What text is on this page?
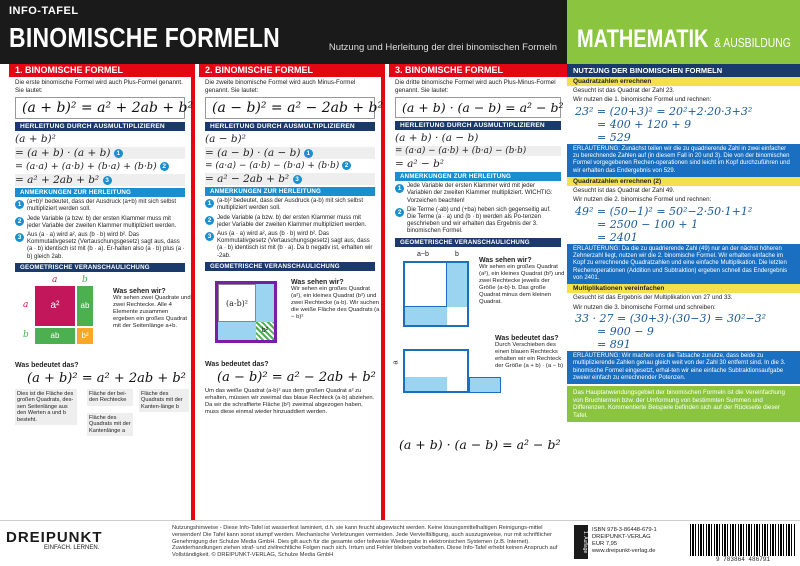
INFO-TAFEL
BINOMISCHE FORMELN	Nutzung und Herleitung der drei binomischen Formeln MATHEMATIK & AUSBILDUNG
1. BINOMISCHE FORMEL
Die erste binomische Formel wird auch Plus-Formel genannt. Sie lautet:
(a + b)² = a² + 2ab + b²
HERLEITUNG DURCH AUSMULTIPLIZIEREN
(a + b)²
= (a + b) · (a + b) 1
= (a·a) + (a·b) + (b·a) + (b·b) 2
= a² + 2ab + b² 3
ANMERKUNGEN ZUR HERLEITUNG
1 (a+b)² bedeutet, dass der Ausdruck (a+b) mit sich selbst multipliziert werden soll.
2 Jede Variable (a bzw. b) der ersten Klammer muss mit jeder Variable der zweiten Klammer multipliziert werden.
3 Aus (a · a) wird a², aus (b · b) wird b². Das Kommutativgesetz (Vertauschungsgesetz) sagt aus, dass (a · b) identisch ist mit (b · a). Er-halten also (a · b) plus (a · b) gleich 2ab.
GEOMETRISCHE VERANSCHAULICHUNG
a²	ab
ab	b²
a	b
a
b
Was sehen wir?
Wir sehen zwei Quadrate und zwei Rechtecke. Alle 4 Elemente zusammen ergeben ein großes Quadrat mit der Seitenlänge a+b.
Was bedeutet das?
(a + b)² = a² + 2ab + b²
Dies ist die Fläche des großen Quadrats, des-sen Seitenlänge aus den Werten a und b besteht.
Fläche der bei-den Rechtecke
Fläche des Quadrats mit der Kantenlänge a
Fläche des Quadrats mit der Kanten-länge b
2. BINOMISCHE FORMEL
Die zweite binomische Formel wird auch Minus-Formel genannt. Sie lautet:
(a − b)² = a² − 2ab + b²
HERLEITUNG DURCH AUSMULTIPLIZIEREN
(a − b)²
= (a − b) · (a − b) 1
= (a·a) − (a·b) − (b·a) + (b·b) 2
= a² − 2ab + b² 3
ANMERKUNGEN ZUR HERLEITUNG
1 (a-b)² bedeutet, dass der Ausdruck (a-b) mit sich selbst multipliziert werden soll.
2 Jede Variable (a bzw. b) der ersten Klammer muss mit jeder Variable der zweiten Klammer multipliziert werden.
3 Aus (a · a) wird a², aus (b · b) wird b². Das Kommutativgesetz (Vertauschungsgesetz) sagt aus, dass (a · b) identisch ist mit (b · a). Da b negativ ist, erhalten wir -2ab.
GEOMETRISCHE VERANSCHAULICHUNG
(a-b)²
b²
Was sehen wir?
Wir sehen ein großes Quadrat (a²), ein kleines Quadrat (b²) und zwei Rechtecke (a·b). Wir suchen die weiße Fläche des Quadrats (a − b)²
Was bedeutet das?
(a − b)² = a² − 2ab + b²
Um das weiße Quadrat (a-b)² aus dem großen Quadrat a² zu erhalten, müssen wir zweimal das blaue Rechteck (a·b) abziehen. Da wir die schraffierte Fläche (b²) zweimal abgezogen haben, muss diese einmal wieder hinzuaddiert werden.
3. BINOMISCHE FORMEL
Die dritte binomische Formel wird auch Plus-Minus-Formel genannt. Sie lautet:
(a + b) · (a − b) = a² − b²
HERLEITUNG DURCH AUSMULTIPLIZIEREN
(a + b) · (a − b)
= (a·a) − (a·b) + (b·a) − (b·b)
= a² − b²
ANMERKUNGEN ZUR HERLEITUNG
1 Jede Variable der ersten Klammer wird mit jeder Variablen der zweiten Klammer multipliziert. WICHTIG: Vorzeichen beachten!
2 Die Terme (-ab) und (+ba) heben sich gegenseitig auf. Die Terme (a · a) und (b · b) werden als Po-tenzen geschrieben und wir erhalten das Ergebnis der 3. binomischen Formel.
GEOMETRISCHE VERANSCHAULICHUNG
a−b	b
Was sehen wir?
Wir sehen ein großes Quadrat (a²), ein kleines Quadrat (b²) und zwei Rechtecke jeweils der Größe (a-b)·b. Das große Quadrat minus dem kleinen Quadrat.
a
Was bedeutet das?
Durch Verschieben des einen blauen Rechtecks erhalten wir ein Rechteck der Größe (a + b) · (a − b)
(a + b) · (a − b) = a² − b²
NUTZUNG DER BINOMISCHEN FORMELN
Quadratzahlen errechnen
Gesucht ist das Quadrat der Zahl 23.
Wir nutzen die 1. binomische Formel und rechnen:
23² = (20+3)² = 20²+2·20·3+3²
= 400 + 120 + 9
= 529
ERLÄUTERUNG: Zunächst teilen wir die zu quadrierende Zahl in zwei einfacher zu berechnende Zahlen auf (in diesem Fall in 20 und 3). Die von der binomischen Formel vorgegebenen Rechen-operationen sind leicht im Kopf durchzuführen und wir erhalten das Endergebnis von 529.
Quadratzahlen errechnen (2)
Gesucht ist das Quadrat der Zahl 49.
Wir nutzen die 2. binomische Formel und rechnen:
49² = (50−1)² = 50²−2·50·1+1²
= 2500 − 100 + 1
= 2401
ERLÄUTERUNG: Da die zu quadrierende Zahl (49) nur an der nächst höheren Zehnerzahl liegt, nutzen wir die 2. binomische Formel. Wir erhalten einfache im Kopf zu errechnende Quadratzahlen und eine einfache Multiplikation. Die letzten Rechenoperationen (Addition und Subtraktion) ergeben schnell das Endergebnis von 2401.
Multiplikationen vereinfachen
Gesucht ist das Ergebnis der Multiplikation von 27 und 33.
Wir nutzen die 3. binomische Formel und schreiben:
33 · 27 = (30+3)·(30−3) = 30²−3²
= 900 − 9
= 891
ERLÄUTERUNG: Wir machen uns die Tatsache zunutze, dass beide zu multiplizierende Zahlen genau gleich weit von der Zahl 30 entfernt sind. In die 3. binomische Formel eingesetzt, erhal-ten wir eine einfache Subtraktionsaufgabe zweier einfach zu errechnender Potenzen.
Das Hauptanwendungsgebiet der binomischen Formeln ist die Vereinfachung von Bruchtermen bzw. der Umformung von bestimmten Summen und Differenzen. Kommentierte Beispiele befinden sich auf der Rückseite dieser Tafel.
DREIPUNKT
EINFACH. LERNEN.
Nutzungshinweise - Diese Info-Tafel ist wasserfest laminiert, d.h. sie kann feucht abgewischt werden. Keine lösungsmittelhaltigen Reinigungs-mittel verwenden! Die Tafel kann sonst stumpf werden. Mechanische Verletzungen vermeiden. Jede Vervielfältigung, auch auszugsweise, nur mit schriftlicher Genehmigung der Schulze Media GmbH. Dies gilt auch für die gesamte oder teilweise Wiedergabe in elektronischen Systemen (z.B. Internet). Zuwiderhandlungen ziehen straf- und zivilrechtliche Folgen nach sich. Irrtum und Fehler bleiben vorbehalten. Diese Info-Tafel erhebt keinen Anspruch auf Vollständigkeit. © DREIPUNKT-VERLAG, Schulze Media GmbH
1. Auflage
ISBN 978-3-86448-679-1
DREIPUNKT-VERLAG
EUR 7,95
www.dreipunkt-verlag.de
9 783864 486791
